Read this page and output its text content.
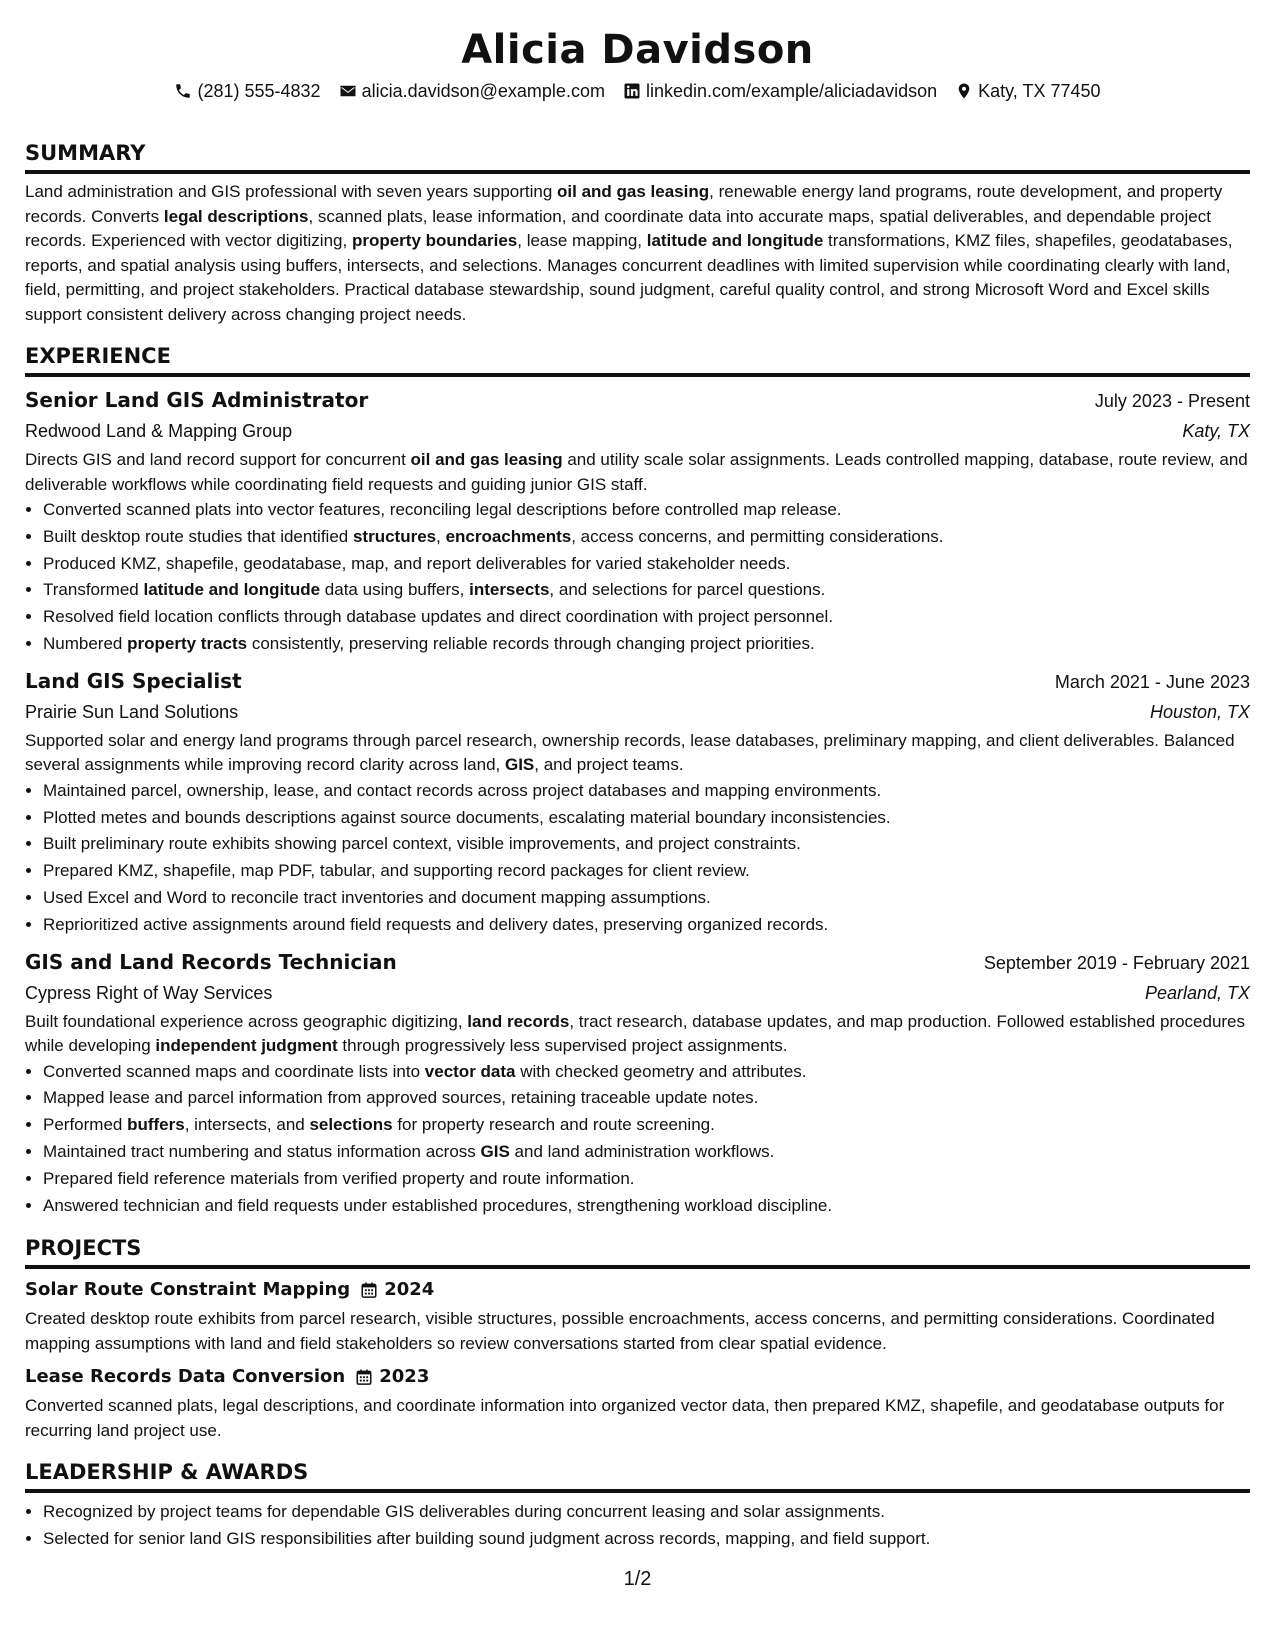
Alicia Davidson
(281) 555-4832 alicia.davidson@example.com linkedin.com/example/aliciadavidson Katy, TX 77450
SUMMARY
Land administration and GIS professional with seven years supporting oil and gas leasing, renewable energy land programs, route development, and property records. Converts legal descriptions, scanned plats, lease information, and coordinate data into accurate maps, spatial deliverables, and dependable project records. Experienced with vector digitizing, property boundaries, lease mapping, latitude and longitude transformations, KMZ files, shapefiles, geodatabases, reports, and spatial analysis using buffers, intersects, and selections. Manages concurrent deadlines with limited supervision while coordinating clearly with land, field, permitting, and project stakeholders. Practical database stewardship, sound judgment, careful quality control, and strong Microsoft Word and Excel skills support consistent delivery across changing project needs.
EXPERIENCE
Senior Land GIS Administrator	July 2023 - Present
Redwood Land & Mapping Group	Katy, TX
Directs GIS and land record support for concurrent oil and gas leasing and utility scale solar assignments. Leads controlled mapping, database, route review, and deliverable workflows while coordinating field requests and guiding junior GIS staff.
• Converted scanned plats into vector features, reconciling legal descriptions before controlled map release.
• Built desktop route studies that identified structures, encroachments, access concerns, and permitting considerations.
• Produced KMZ, shapefile, geodatabase, map, and report deliverables for varied stakeholder needs.
• Transformed latitude and longitude data using buffers, intersects, and selections for parcel questions.
• Resolved field location conflicts through database updates and direct coordination with project personnel.
• Numbered property tracts consistently, preserving reliable records through changing project priorities.
Land GIS Specialist	March 2021 - June 2023
Prairie Sun Land Solutions	Houston, TX
Supported solar and energy land programs through parcel research, ownership records, lease databases, preliminary mapping, and client deliverables. Balanced several assignments while improving record clarity across land, GIS, and project teams.
• Maintained parcel, ownership, lease, and contact records across project databases and mapping environments.
• Plotted metes and bounds descriptions against source documents, escalating material boundary inconsistencies.
• Built preliminary route exhibits showing parcel context, visible improvements, and project constraints.
• Prepared KMZ, shapefile, map PDF, tabular, and supporting record packages for client review.
• Used Excel and Word to reconcile tract inventories and document mapping assumptions.
• Reprioritized active assignments around field requests and delivery dates, preserving organized records.
GIS and Land Records Technician	September 2019 - February 2021
Cypress Right of Way Services	Pearland, TX
Built foundational experience across geographic digitizing, land records, tract research, database updates, and map production. Followed established procedures while developing independent judgment through progressively less supervised project assignments.
• Converted scanned maps and coordinate lists into vector data with checked geometry and attributes.
• Mapped lease and parcel information from approved sources, retaining traceable update notes.
• Performed buffers, intersects, and selections for property research and route screening.
• Maintained tract numbering and status information across GIS and land administration workflows.
• Prepared field reference materials from verified property and route information.
• Answered technician and field requests under established procedures, strengthening workload discipline.
PROJECTS
Solar Route Constraint Mapping 2024
Created desktop route exhibits from parcel research, visible structures, possible encroachments, access concerns, and permitting considerations. Coordinated mapping assumptions with land and field stakeholders so review conversations started from clear spatial evidence.
Lease Records Data Conversion 2023
Converted scanned plats, legal descriptions, and coordinate information into organized vector data, then prepared KMZ, shapefile, and geodatabase outputs for recurring land project use.
LEADERSHIP & AWARDS
• Recognized by project teams for dependable GIS deliverables during concurrent leasing and solar assignments.
• Selected for senior land GIS responsibilities after building sound judgment across records, mapping, and field support.
1/2
